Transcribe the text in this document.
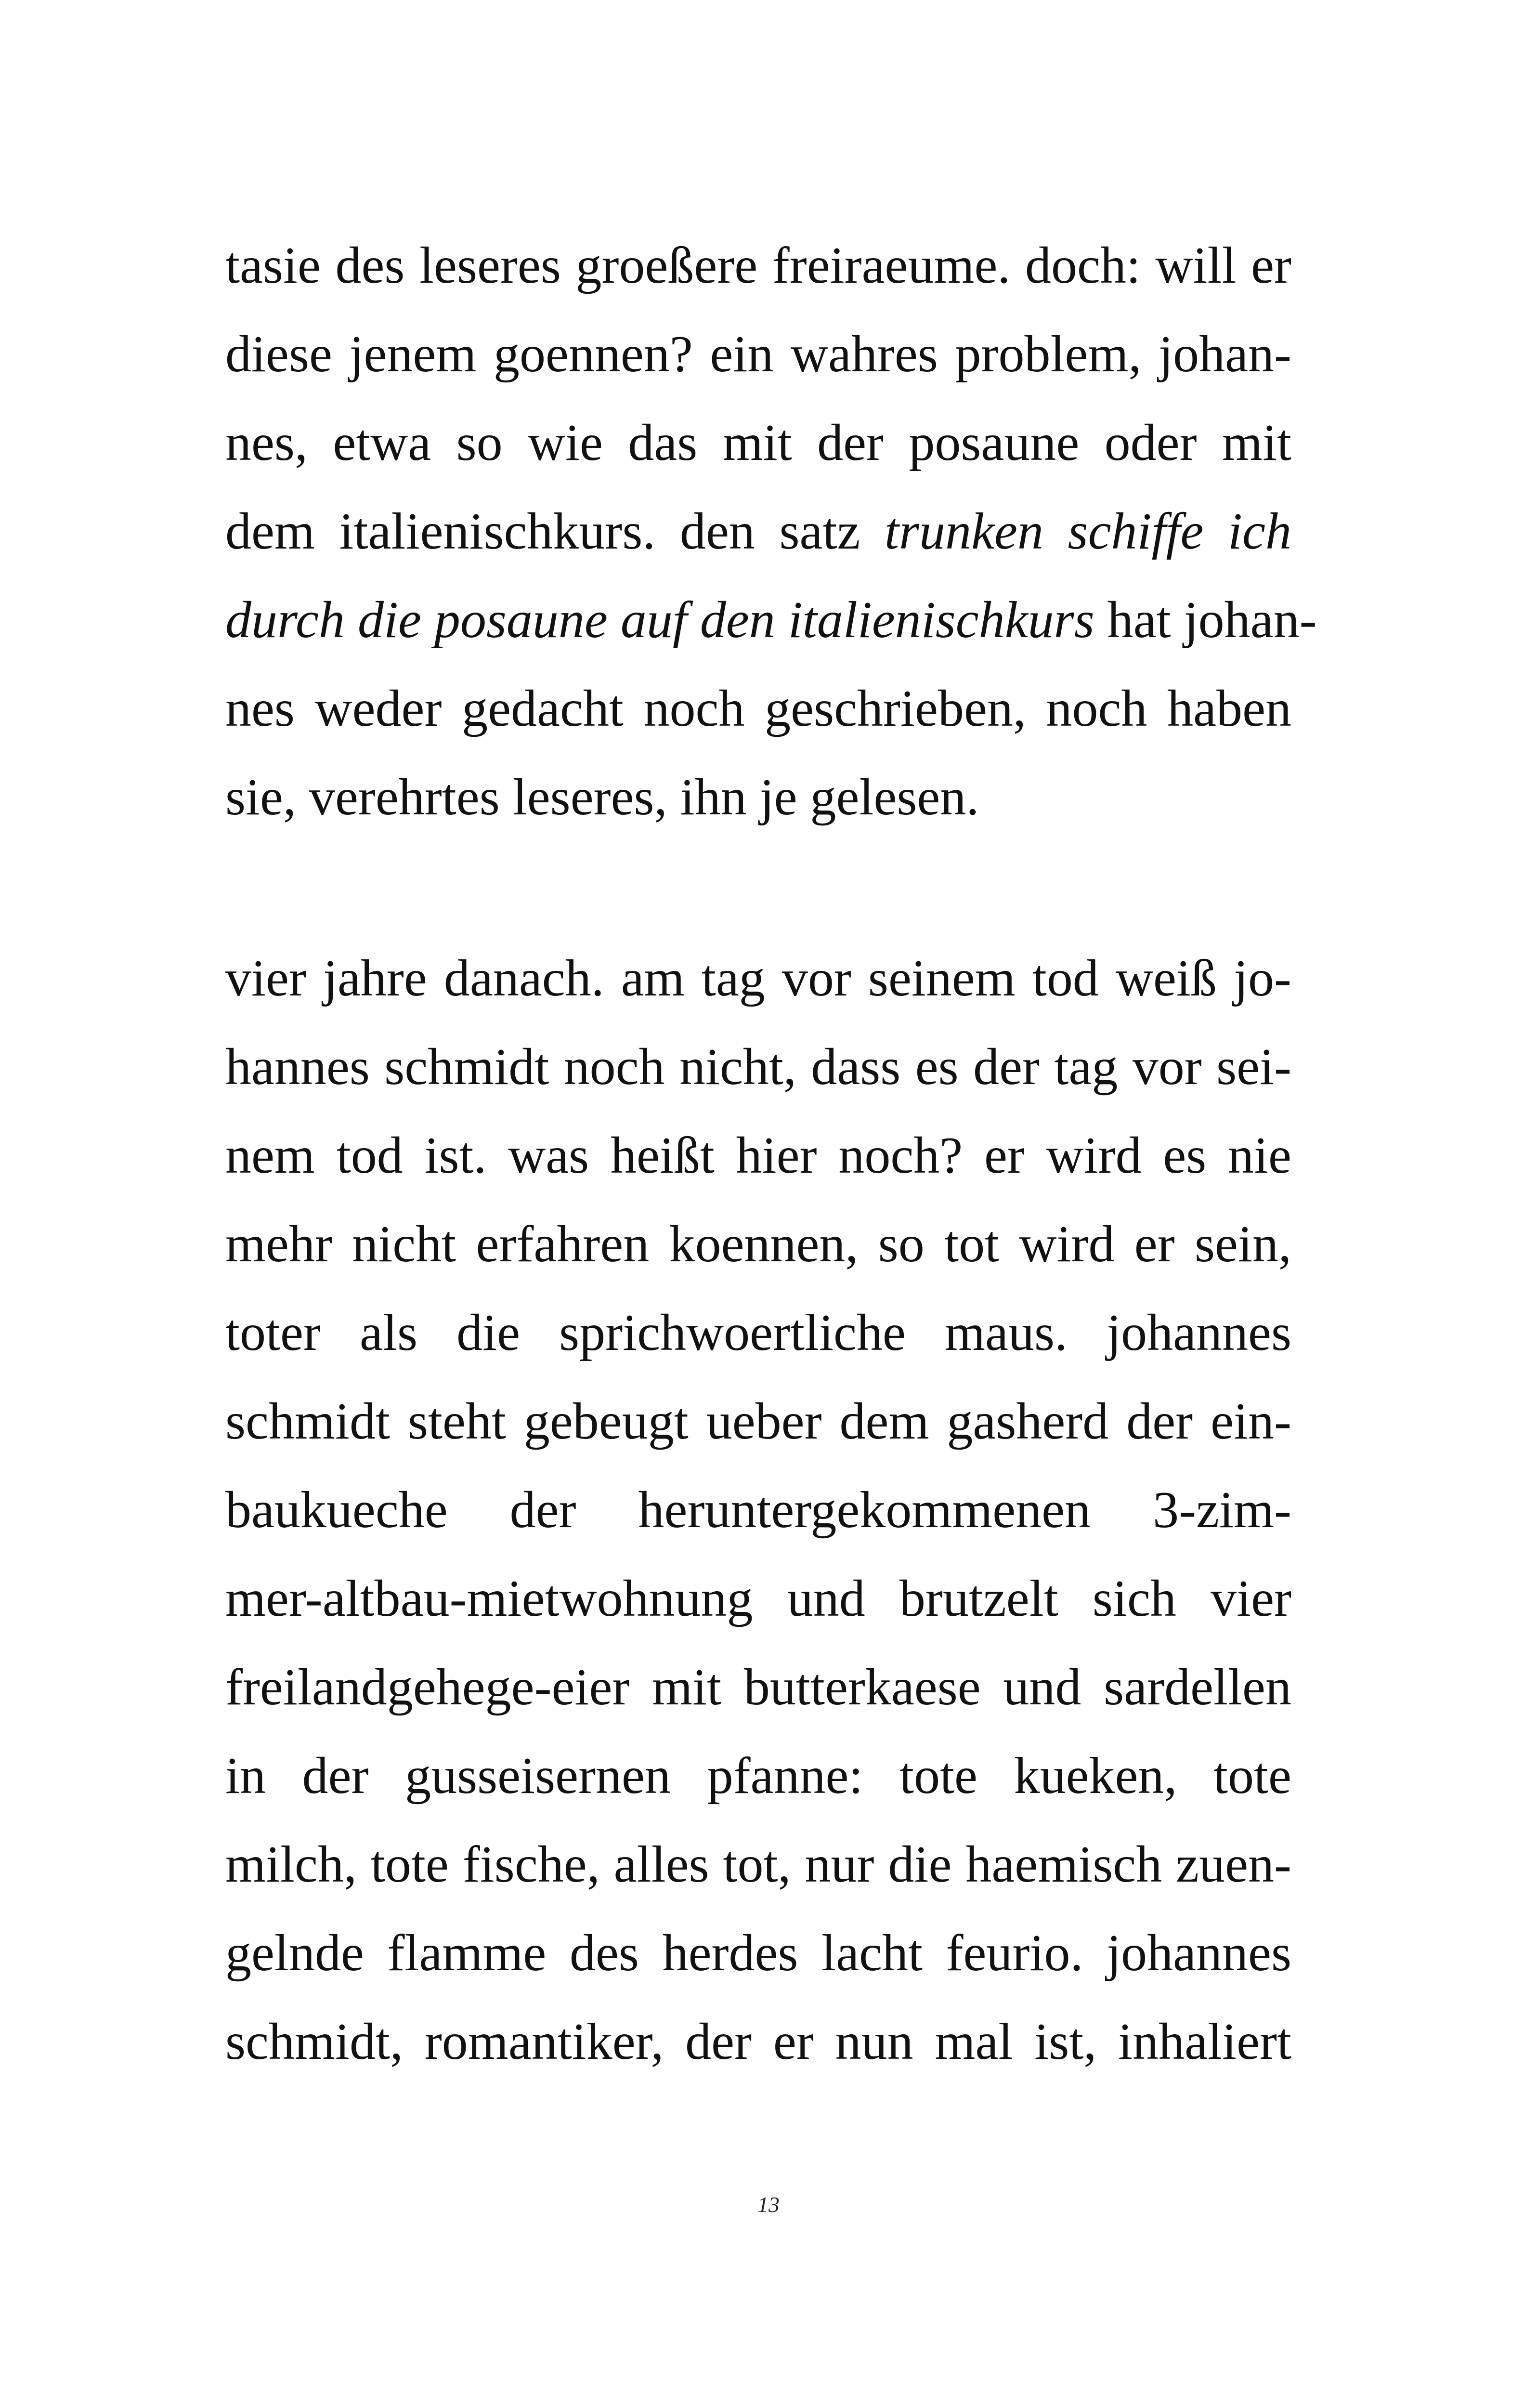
tasie des leseres groeßere freiraeume. doch: will er
diese jenem goennen? ein wahres problem, johan-
nes, etwa so wie das mit der posaune oder mit
dem italienischkurs. den satz trunken schiffe ich
durch die posaune auf den italienischkurs hat johan-
nes weder gedacht noch geschrieben, noch haben
sie, verehrtes leseres, ihn je gelesen.
vier jahre danach. am tag vor seinem tod weiß jo-
hannes schmidt noch nicht, dass es der tag vor sei-
nem tod ist. was heißt hier noch? er wird es nie
mehr nicht erfahren koennen, so tot wird er sein,
toter als die sprichwoertliche maus. johannes
schmidt steht gebeugt ueber dem gasherd der ein-
baukueche der heruntergekommenen 3-zim-
mer-altbau-mietwohnung und brutzelt sich vier
freilandgehege-eier mit butterkaese und sardellen
in der gusseisernen pfanne: tote kueken, tote
milch, tote fische, alles tot, nur die haemisch zuen-
gelnde flamme des herdes lacht feurio. johannes
schmidt, romantiker, der er nun mal ist, inhaliert
13
